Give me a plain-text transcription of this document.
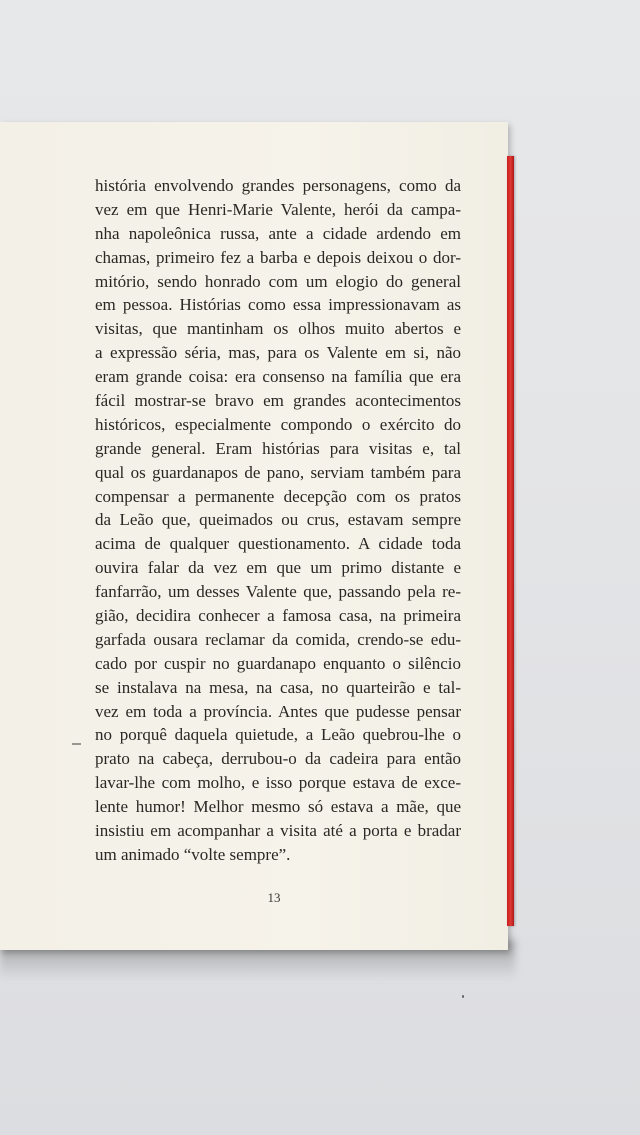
história envolvendo grandes personagens, como da
vez em que Henri-Marie Valente, herói da campa-
nha napoleônica russa, ante a cidade ardendo em
chamas, primeiro fez a barba e depois deixou o dor-
mitório, sendo honrado com um elogio do general
em pessoa. Histórias como essa impressionavam as
visitas, que mantinham os olhos muito abertos e
a expressão séria, mas, para os Valente em si, não
eram grande coisa: era consenso na família que era
fácil mostrar-se bravo em grandes acontecimentos
históricos, especialmente compondo o exército do
grande general. Eram histórias para visitas e, tal
qual os guardanapos de pano, serviam também para
compensar a permanente decepção com os pratos
da Leão que, queimados ou crus, estavam sempre
acima de qualquer questionamento. A cidade toda
ouvira falar da vez em que um primo distante e
fanfarrão, um desses Valente que, passando pela re-
gião, decidira conhecer a famosa casa, na primeira
garfada ousara reclamar da comida, crendo-se edu-
cado por cuspir no guardanapo enquanto o silêncio
se instalava na mesa, na casa, no quarteirão e tal-
vez em toda a província. Antes que pudesse pensar
no porquê daquela quietude, a Leão quebrou-lhe o
prato na cabeça, derrubou-o da cadeira para então
lavar-lhe com molho, e isso porque estava de exce-
lente humor! Melhor mesmo só estava a mãe, que
insistiu em acompanhar a visita até a porta e bradar
um animado “volte sempre”.
13
